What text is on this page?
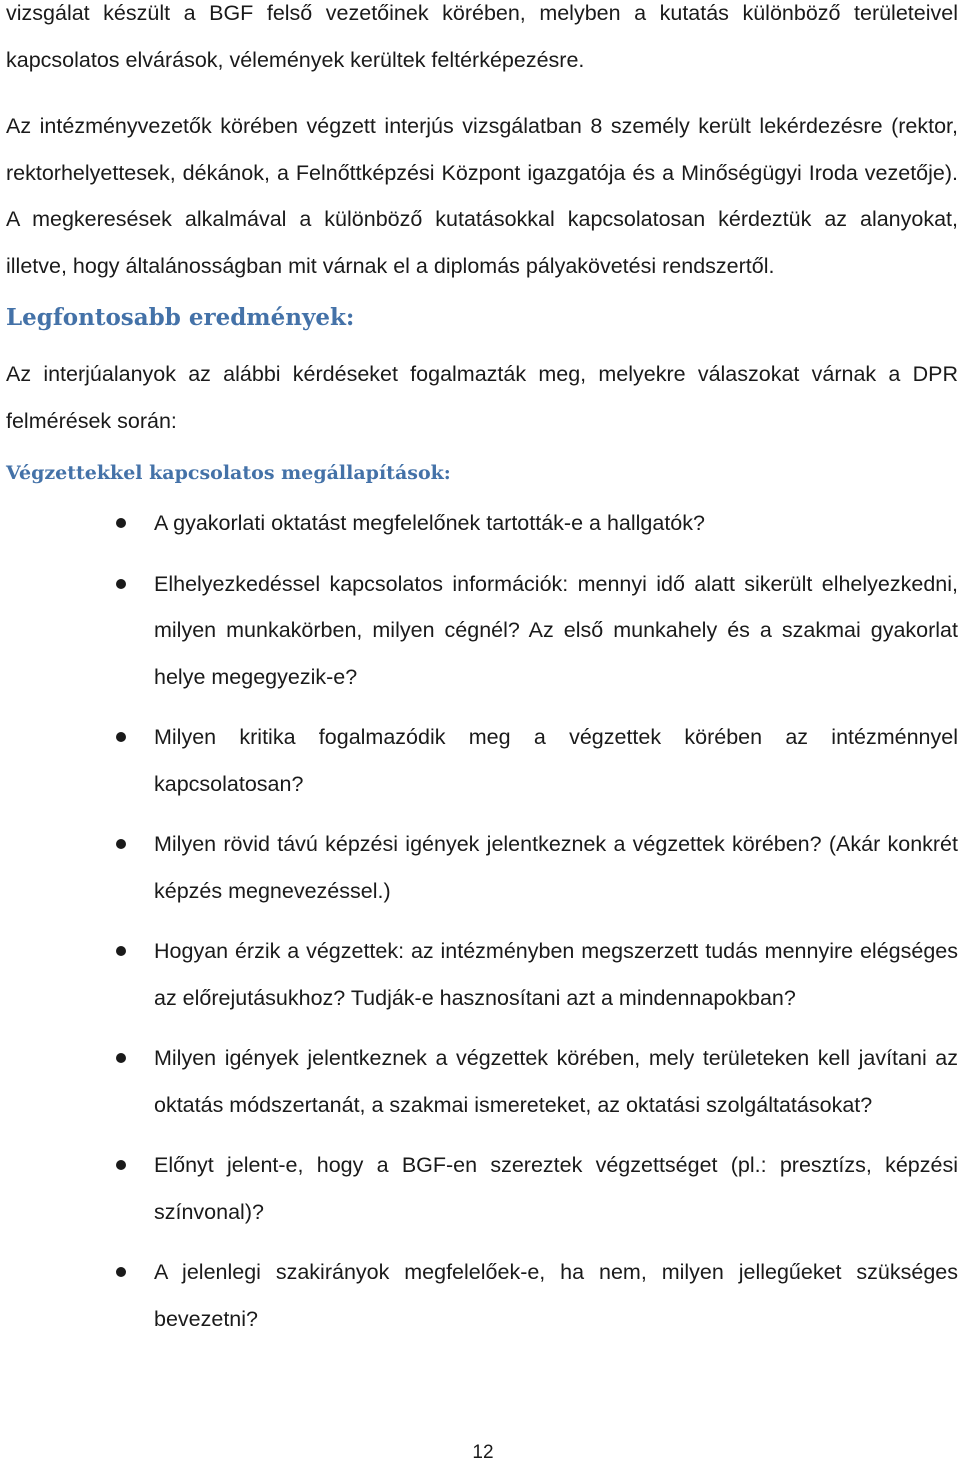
vizsgálat készült a BGF felső vezetőinek körében, melyben a kutatás különböző területeivel kapcsolatos elvárások, vélemények kerültek feltérképezésre.

Az intézményvezetők körében végzett interjús vizsgálatban 8 személy került lekérdezésre (rektor, rektorhelyettesek, dékánok, a Felnőttképzési Központ igazgatója és a Minőségügyi Iroda vezetője). A megkeresések alkalmával a különböző kutatásokkal kapcsolatosan kérdeztük az alanyokat, illetve, hogy általánosságban mit várnak el a diplomás pályakövetési rendszertől.

Legfontosabb eredmények:

Az interjúalanyok az alábbi kérdéseket fogalmazták meg, melyekre válaszokat várnak a DPR felmérések során:

Végzettekkel kapcsolatos megállapítások:
A gyakorlati oktatást megfelelőnek tartották-e a hallgatók?
Elhelyezkedéssel kapcsolatos információk: mennyi idő alatt sikerült elhelyezkedni, milyen munkakörben, milyen cégnél? Az első munkahely és a szakmai gyakorlat helye megegyezik-e?
Milyen kritika fogalmazódik meg a végzettek körében az intézménnyel kapcsolatosan?
Milyen rövid távú képzési igények jelentkeznek a végzettek körében? (Akár konkrét képzés megnevezéssel.)
Hogyan érzik a végzettek: az intézményben megszerzett tudás mennyire elégséges az előrejutásukhoz? Tudják-e hasznosítani azt a mindennapokban?
Milyen igények jelentkeznek a végzettek körében, mely területeken kell javítani az oktatás módszertanát, a szakmai ismereteket, az oktatási szolgáltatásokat?
Előnyt jelent-e, hogy a BGF-en szereztek végzettséget (pl.: presztízs, képzési színvonal)?
A jelenlegi szakirányok megfelelőek-e, ha nem, milyen jellegűeket szükséges bevezetni?
12
